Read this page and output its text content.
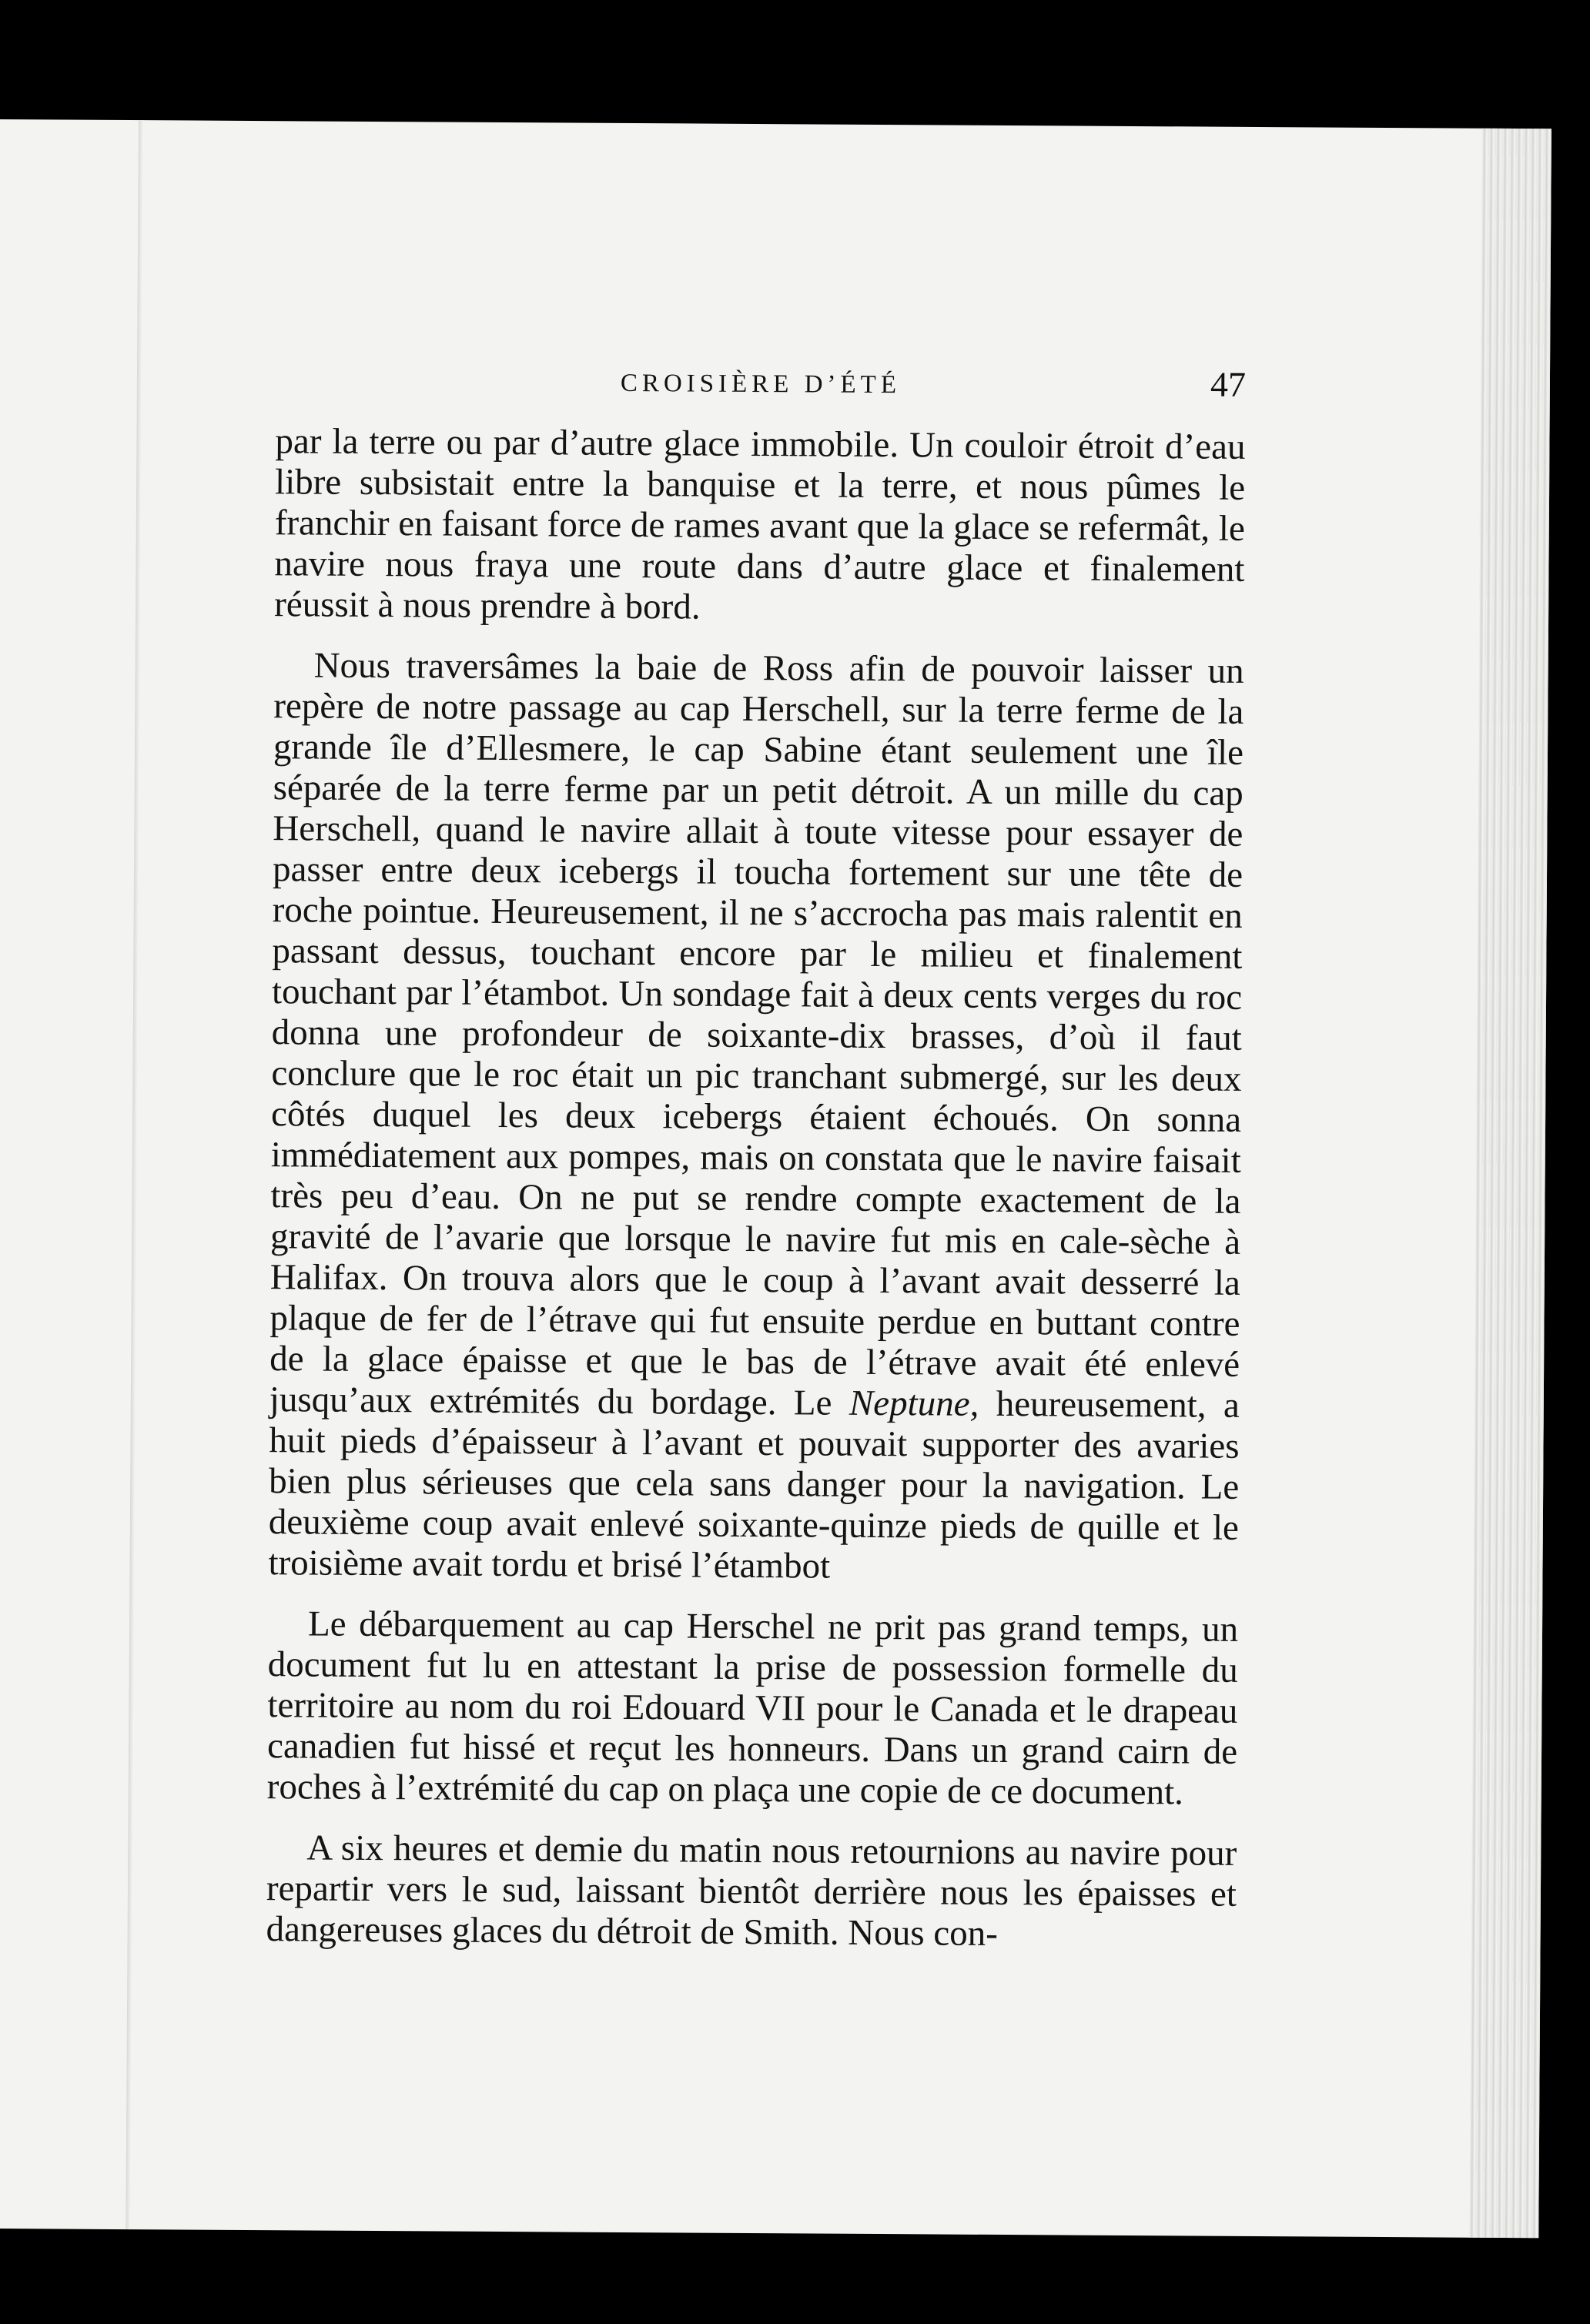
CROISIÈRE D’ÉTÉ	47

par la terre ou par d’autre glace immobile. Un couloir étroit d’eau libre subsistait entre la banquise et la terre, et nous pûmes le franchir en faisant force de rames avant que la glace se refermât, le navire nous fraya une route dans d’autre glace et finalement réussit à nous prendre à bord.

Nous traversâmes la baie de Ross afin de pouvoir laisser un repère de notre passage au cap Herschell, sur la terre ferme de la grande île d’Ellesmere, le cap Sabine étant seulement une île séparée de la terre ferme par un petit détroit. A un mille du cap Herschell, quand le navire allait à toute vitesse pour essayer de passer entre deux icebergs il toucha fortement sur une tête de roche pointue. Heureusement, il ne s’accrocha pas mais ralentit en passant dessus, touchant encore par le milieu et finalement touchant par l’étambot. Un sondage fait à deux cents verges du roc donna une profondeur de soixante-dix brasses, d’où il faut conclure que le roc était un pic tranchant submergé, sur les deux côtés duquel les deux icebergs étaient échoués. On sonna immédiatement aux pompes, mais on constata que le navire faisait très peu d’eau. On ne put se rendre compte exactement de la gravité de l’avarie que lorsque le navire fut mis en cale-sèche à Halifax. On trouva alors que le coup à l’avant avait desserré la plaque de fer de l’étrave qui fut ensuite perdue en buttant contre de la glace épaisse et que le bas de l’étrave avait été enlevé jusqu’aux extrémités du bordage. Le Neptune, heureusement, a huit pieds d’épaisseur à l’avant et pouvait supporter des avaries bien plus sérieuses que cela sans danger pour la navigation. Le deuxième coup avait enlevé soixante-quinze pieds de quille et le troisième avait tordu et brisé l’étambot

Le débarquement au cap Herschel ne prit pas grand temps, un document fut lu en attestant la prise de possession formelle du territoire au nom du roi Edouard VII pour le Canada et le drapeau canadien fut hissé et reçut les honneurs. Dans un grand cairn de roches à l’extrémité du cap on plaça une copie de ce document.

A six heures et demie du matin nous retournions au navire pour repartir vers le sud, laissant bientôt derrière nous les épaisses et dangereuses glaces du détroit de Smith. Nous con-
